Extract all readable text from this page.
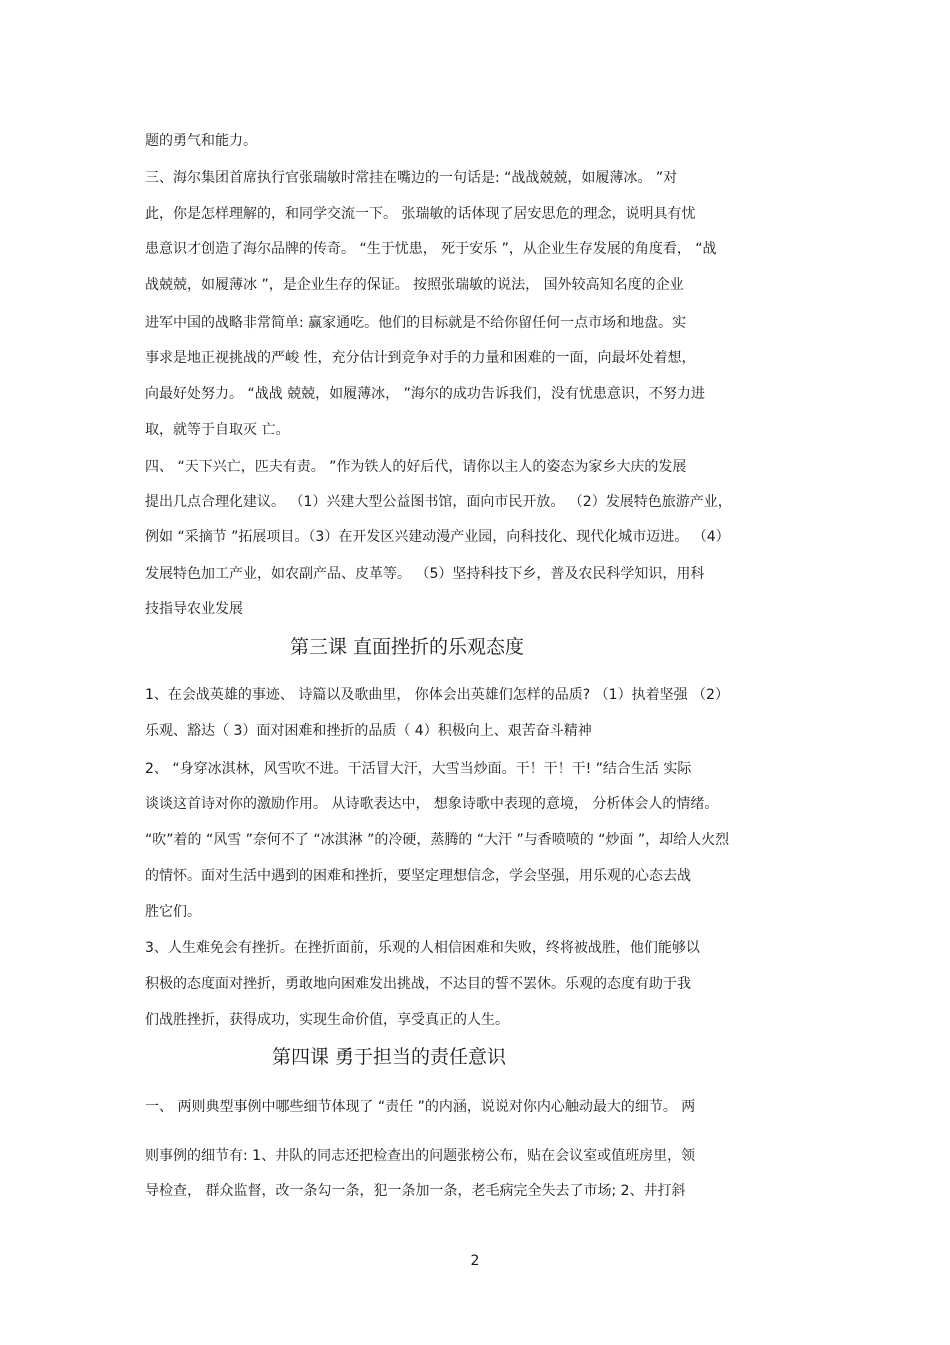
题的勇气和能力。
三、海尔集团首席执行官张瑞敏时常挂在嘴边的一句话是: “战战兢兢，如履薄冰。 ”对
此，你是怎样理解的，和同学交流一下。 张瑞敏的话体现了居安思危的理念，说明具有忧
患意识才创造了海尔品牌的传奇。 “生于忧患， 死于安乐 ”，从企业生存发展的角度看， “战
战兢兢，如履薄冰 ”，是企业生存的保证。 按照张瑞敏的说法， 国外较高知名度的企业
进军中国的战略非常简单: 赢家通吃。他们的目标就是不给你留任何一点市场和地盘。实
事求是地正视挑战的严峻 性，充分估计到竞争对手的力量和困难的一面，向最坏处着想，
向最好处努力。 “战战 兢兢，如履薄冰， ”海尔的成功告诉我们，没有忧患意识，不努力进
取，就等于自取灭 亡。
四、 “天下兴亡，匹夫有责。 ”作为铁人的好后代，请你以主人的姿态为家乡大庆的发展
提出几点合理化建议。 （1）兴建大型公益图书馆，面向市民开放。 （2）发展特色旅游产业，
例如 “采摘节 ”拓展项目。（3）在开发区兴建动漫产业园，向科技化、现代化城市迈进。 （4）
发展特色加工产业，如农副产品、皮革等。 （5）坚持科技下乡，普及农民科学知识，用科
技指导农业发展
第三课 直面挫折的乐观态度
1、在会战英雄的事迹、 诗篇以及歌曲里， 你体会出英雄们怎样的品质? （1）执着坚强 （2）
乐观、豁达（ 3）面对困难和挫折的品质（ 4）积极向上、艰苦奋斗精神
2、 “身穿冰淇林，风雪吹不进。干活冒大汗，大雪当炒面。干！干！干! ”结合生活 实际
谈谈这首诗对你的激励作用。 从诗歌表达中， 想象诗歌中表现的意境， 分析体会人的情绪。
“吹”着的 “风雪 ”奈何不了 “冰淇淋 ”的冷硬，蒸腾的 “大汗 ”与香喷喷的 “炒面 ”，却给人火烈
的情怀。面对生活中遇到的困难和挫折，要坚定理想信念，学会坚强，用乐观的心态去战
胜它们。
3、人生难免会有挫折。在挫折面前，乐观的人相信困难和失败，终将被战胜，他们能够以
积极的态度面对挫折，勇敢地向困难发出挑战，不达目的誓不罢休。乐观的态度有助于我
们战胜挫折，获得成功，实现生命价值，享受真正的人生。
第四课 勇于担当的责任意识
一、 两则典型事例中哪些细节体现了 “责任 ”的内涵，说说对你内心触动最大的细节。 两
则事例的细节有: 1、井队的同志还把检查出的问题张榜公布，贴在会议室或值班房里，领
导检查， 群众监督，改一条勾一条，犯一条加一条，老毛病完全失去了市场; 2、井打斜
2
